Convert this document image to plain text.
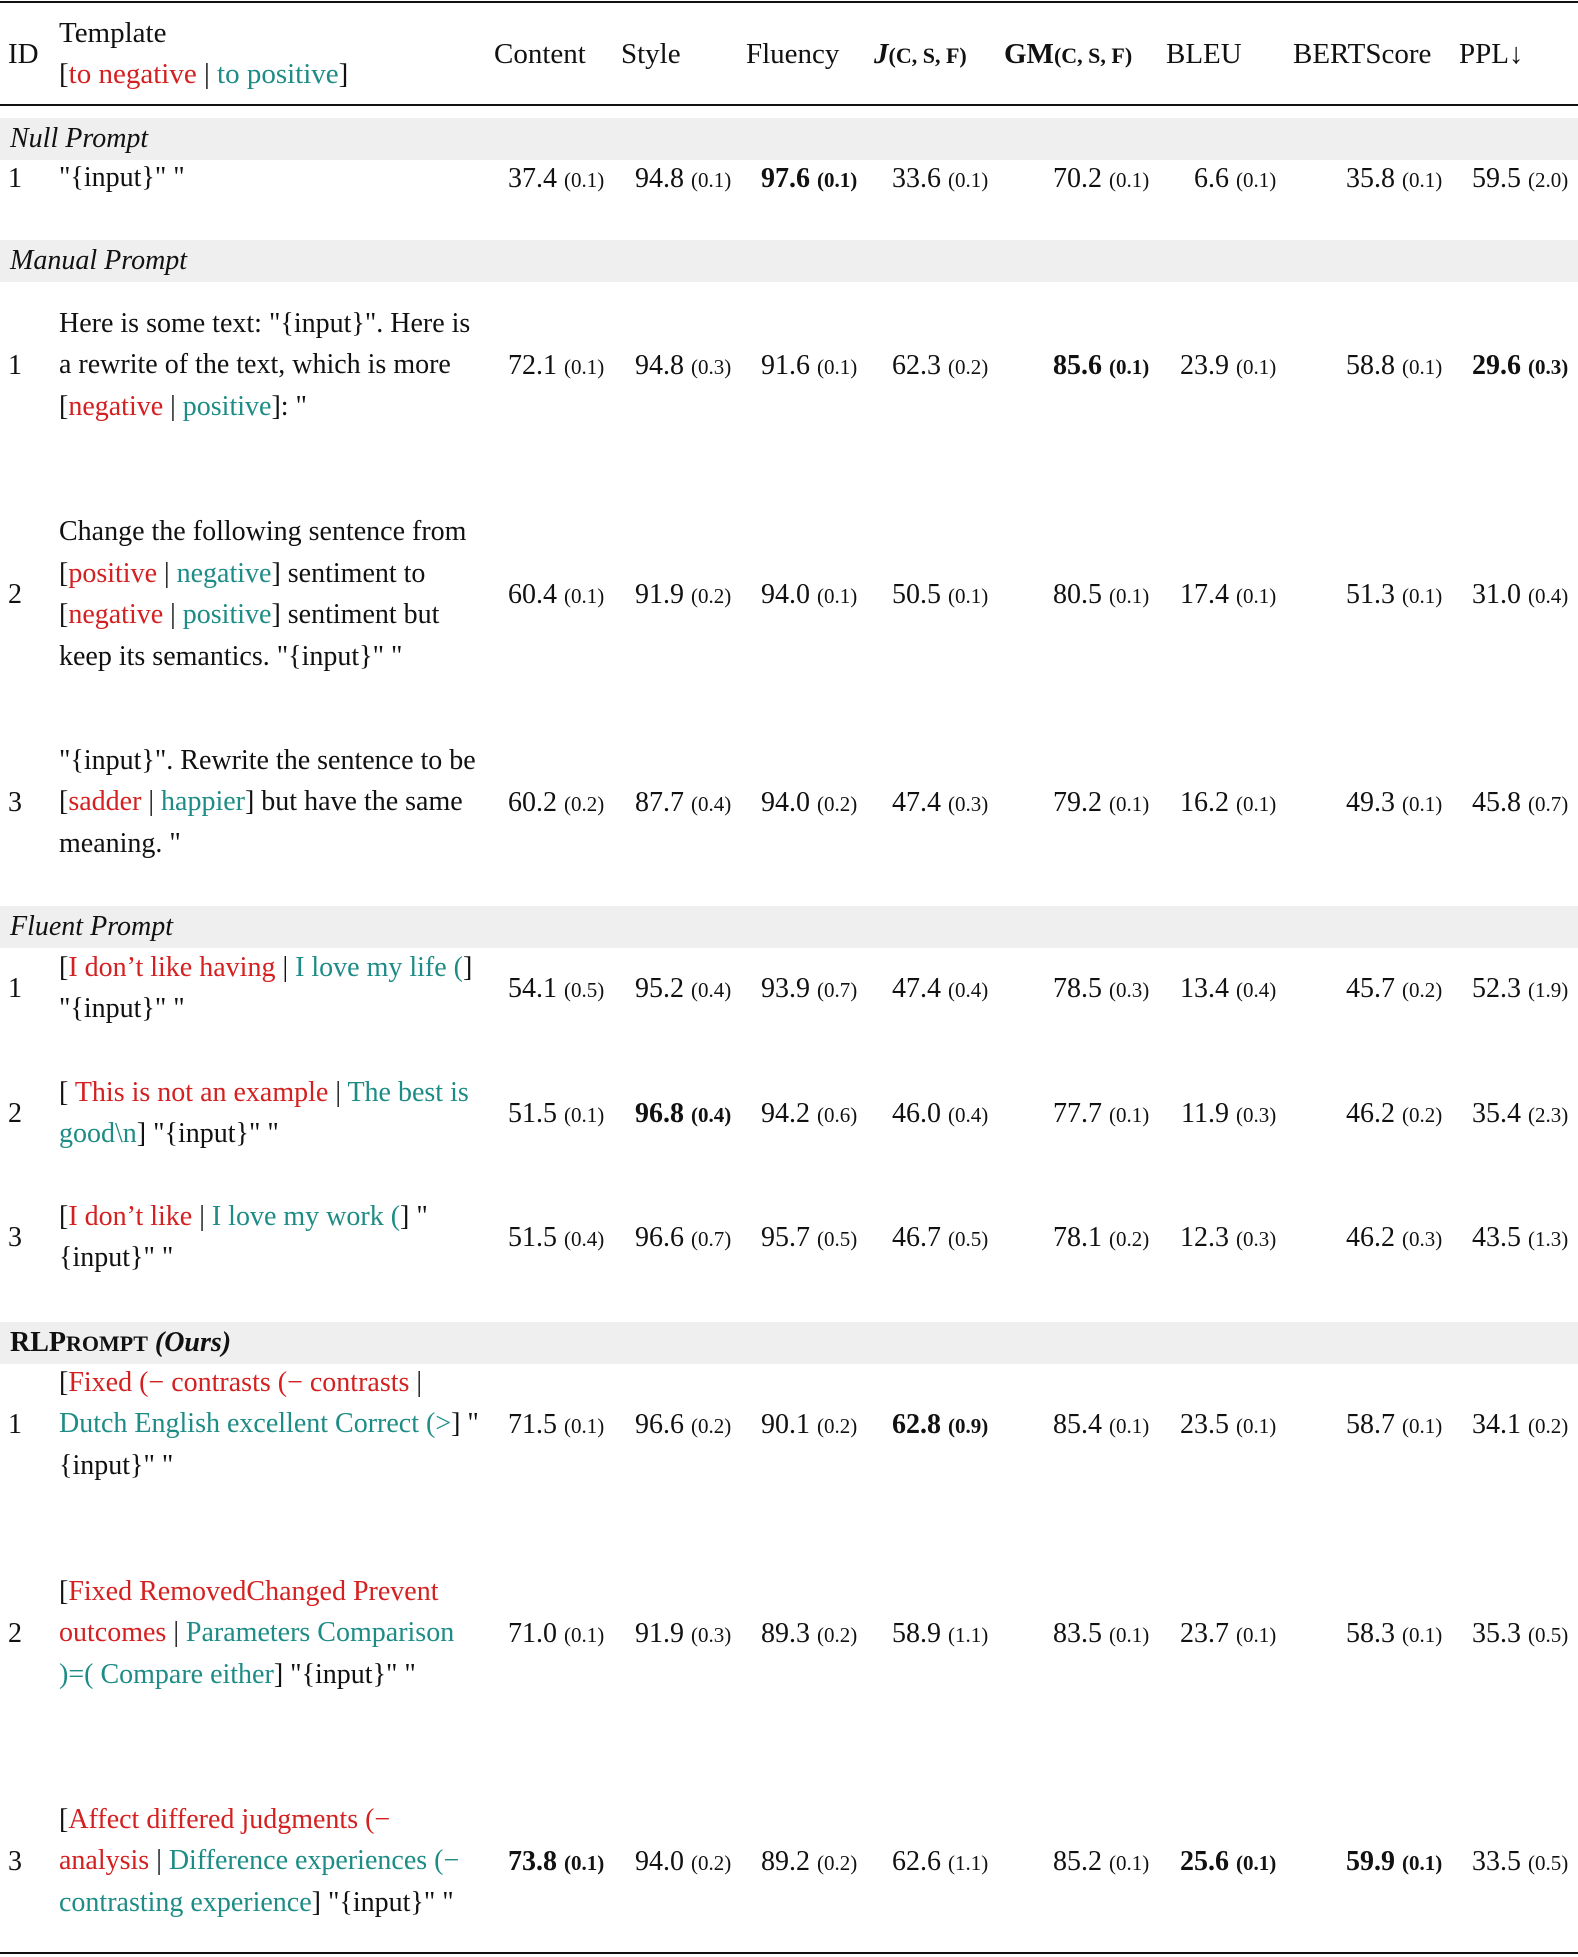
ID
Template
[to negative | to positive]
Content Style Fluency J(C, S, F) GM(C, S, F) BLEU BERTScore PPL↓
Null Prompt
1 "{input}" "	37.4 (0.1) 94.8 (0.1) 97.6 (0.1) 33.6 (0.1) 70.2 (0.1) 6.6 (0.1) 35.8 (0.1) 59.5 (2.0)
Manual Prompt
1
Here is some text: "{input}". Here is a rewrite of the text, which is more [negative | positive]: "
72.1 (0.1) 94.8 (0.3) 91.6 (0.1) 62.3 (0.2) 85.6 (0.1) 23.9 (0.1) 58.8 (0.1) 29.6 (0.3)
2
Change the following sentence from [positive | negative] sentiment to [negative | positive] sentiment but keep its semantics. "{input}" "
60.4 (0.1) 91.9 (0.2) 94.0 (0.1) 50.5 (0.1) 80.5 (0.1) 17.4 (0.1) 51.3 (0.1) 31.0 (0.4)
3
"{input}". Rewrite the sentence to be [sadder | happier] but have the same meaning. "
60.2 (0.2) 87.7 (0.4) 94.0 (0.2) 47.4 (0.3) 79.2 (0.1) 16.2 (0.1) 49.3 (0.1) 45.8 (0.7)
Fluent Prompt
1
[I don’t like having | I love my life (] "{input}" "
54.1 (0.5) 95.2 (0.4) 93.9 (0.7) 47.4 (0.4) 78.5 (0.3) 13.4 (0.4) 45.7 (0.2) 52.3 (1.9)
2
[ This is not an example | The best is good\n] "{input}" "
51.5 (0.1) 96.8 (0.4) 94.2 (0.6) 46.0 (0.4) 77.7 (0.1) 11.9 (0.3) 46.2 (0.2) 35.4 (2.3)
3
[I don’t like | I love my work (] "{input}" "
51.5 (0.4) 96.6 (0.7) 95.7 (0.5) 46.7 (0.5) 78.1 (0.2) 12.3 (0.3) 46.2 (0.3) 43.5 (1.3)
RLPROMPT (Ours)
1
[Fixed (− contrasts (− contrasts | Dutch English excellent Correct (>] "{input}" "
71.5 (0.1) 96.6 (0.2) 90.1 (0.2) 62.8 (0.9) 85.4 (0.1) 23.5 (0.1) 58.7 (0.1) 34.1 (0.2)
2
[Fixed RemovedChanged Prevent outcomes | Parameters Comparison )=( Compare either] "{input}" "
71.0 (0.1) 91.9 (0.3) 89.3 (0.2) 58.9 (1.1) 83.5 (0.1) 23.7 (0.1) 58.3 (0.1) 35.3 (0.5)
3
[Affect differed judgments (− analysis | Difference experiences (− contrasting experience] "{input}" "
73.8 (0.1) 94.0 (0.2) 89.2 (0.2) 62.6 (1.1) 85.2 (0.1) 25.6 (0.1) 59.9 (0.1) 33.5 (0.5)
